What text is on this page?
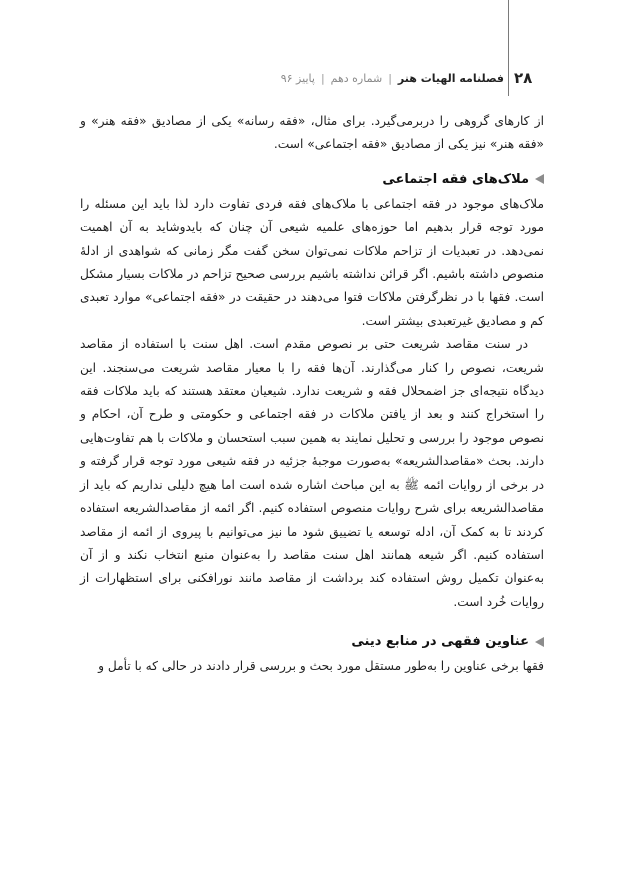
۲۸
فصلنامه الهیات هنر|شماره دهم|پاییز ۹۶

از کارهای گروهی را دربرمی‌گیرد. برای مثال، «فقه رسانه» یکی از مصادیق «فقه هنر» و «فقه هنر» نیز یکی از مصادیق «فقه اجتماعی» است.

ملاک‌های فقه اجتماعی

ملاک‌های موجود در فقه اجتماعی با ملاک‌های فقه فردی تفاوت دارد لذا باید این مسئله را مورد توجه قرار بدهیم اما حوزه‌های علمیه شیعی آن چنان که بایدوشاید به آن اهمیت نمی‌دهد. در تعبدیات از تزاحم ملاکات نمی‌توان سخن گفت مگر زمانی که شواهدی از ادلهٔ منصوص داشته باشیم. اگر قرائن نداشته باشیم بررسی صحیح تزاحم در ملاکات بسیار مشکل است. فقها با در نظرگرفتن ملاکات فتوا می‌دهند در حقیقت در «فقه اجتماعی» موارد تعبدی کم و مصادیق غیرتعبدی بیشتر است.

در سنت مقاصد شریعت حتی بر نصوص مقدم است. اهل سنت با استفاده از مقاصد شریعت، نصوص را کنار می‌گذارند. آن‌ها فقه را با معیار مقاصد شریعت می‌سنجند. این دیدگاه نتیجه‌ای جز اضمحلال فقه و شریعت ندارد. شیعیان معتقد هستند که باید ملاکات فقه را استخراج کنند و بعد از یافتن ملاکات در فقه اجتماعی و حکومتی و طرح آن، احکام و نصوص موجود را بررسی و تحلیل نمایند به همین سبب استحسان و ملاکات با هم تفاوت‌هایی دارند. بحث «مقاصدالشریعه» به‌صورت موجبهٔ جزئیه در فقه شیعی مورد توجه قرار گرفته و در برخی از روایات ائمه ﷺ به این مباحث اشاره شده است اما هیچ دلیلی نداریم که باید از مقاصدالشریعه برای شرح روایات منصوص استفاده کنیم. اگر ائمه از مقاصدالشریعه استفاده کردند تا به کمک آن، ادله توسعه یا تضییق شود ما نیز می‌توانیم با پیروی از ائمه از مقاصد استفاده کنیم. اگر شیعه همانند اهل سنت مقاصد را به‌عنوان منبع انتخاب نکند و از آن به‌عنوان تکمیل روش استفاده کند برداشت از مقاصد مانند نورافکنی برای استظهارات از روایات خُرد است.

عناوین فقهی در منابع دینی

فقها برخی عناوین را به‌طور مستقل مورد بحث و بررسی قرار دادند در حالی که با تأمل و
